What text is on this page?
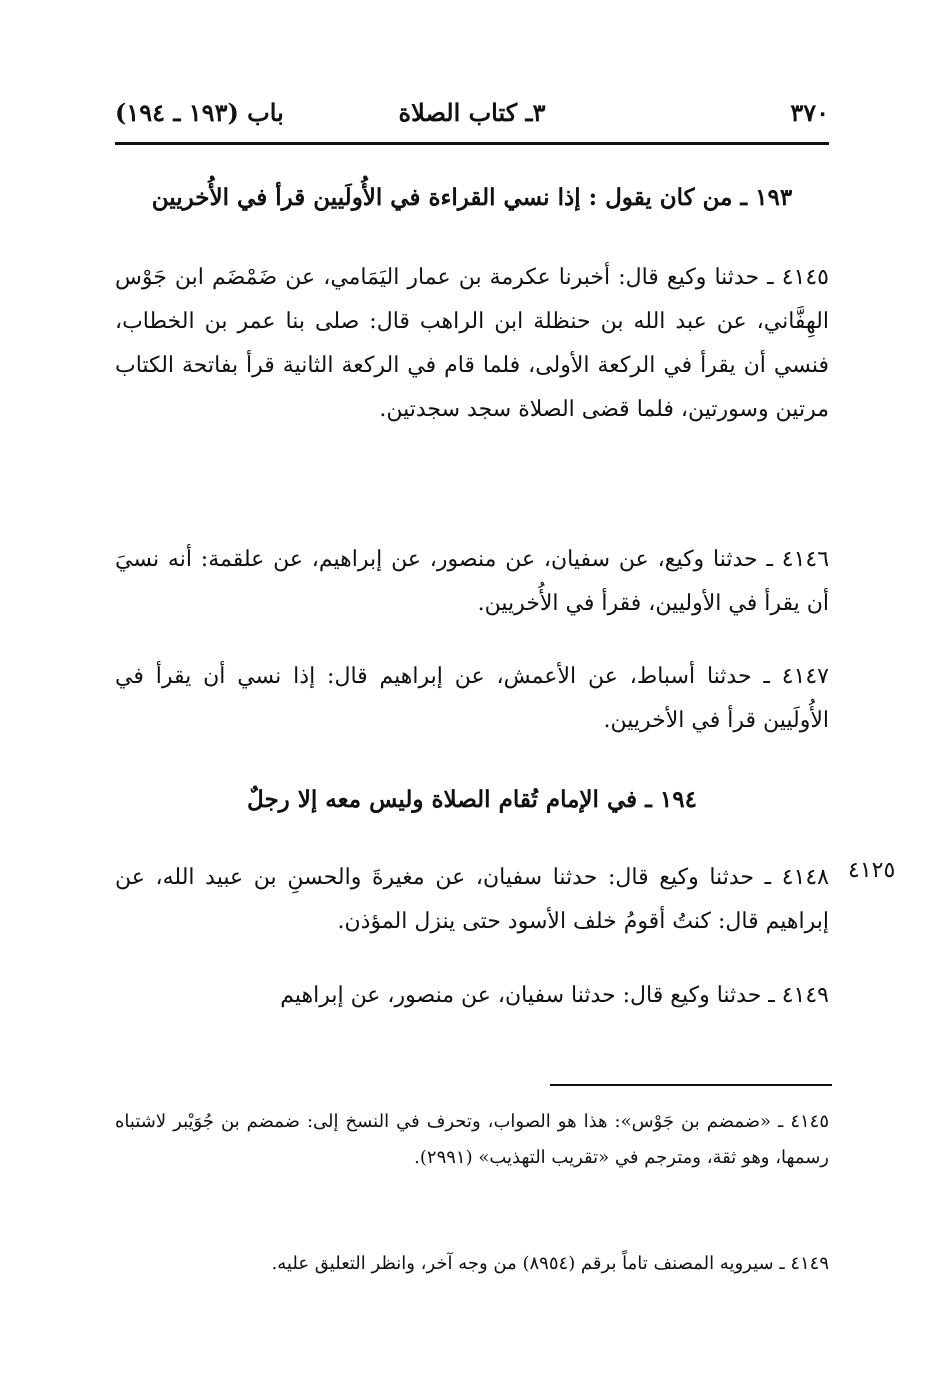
٣٧٠
٣ـ كتاب الصلاة
باب (١٩٣ ـ ١٩٤)
١٩٣ ـ من كان يقول : إذا نسي القراءة في الأُولَيين قرأ في الأُخريين
٤١٤٥ ـ حدثنا وكيع قال: أخبرنا عكرمة بن عمار اليَمَامي، عن ضَمْضَم ابن جَوْس الهِفَّاني، عن عبد الله بن حنظلة ابن الراهب قال: صلى بنا عمر بن الخطاب، فنسي أن يقرأ في الركعة الأولى، فلما قام في الركعة الثانية قرأ بفاتحة الكتاب مرتين وسورتين، فلما قضى الصلاة سجد سجدتين.
٤١٤٦ ـ حدثنا وكيع، عن سفيان، عن منصور، عن إبراهيم، عن علقمة: أنه نسيَ أن يقرأ في الأوليين، فقرأ في الأُخريين.
٤١٤٧ ـ حدثنا أسباط، عن الأعمش، عن إبراهيم قال: إذا نسي أن يقرأ في الأُولَيين قرأ في الأخريين.
١٩٤ ـ في الإمام تُقام الصلاة وليس معه إلا رجلٌ
٤١٢٥
٤١٤٨ ـ حدثنا وكيع قال: حدثنا سفيان، عن مغيرةَ والحسنِ بن عبيد الله، عن إبراهيم قال: كنتُ أقومُ خلف الأسود حتى ينزل المؤذن.
٤١٤٩ ـ حدثنا وكيع قال: حدثنا سفيان، عن منصور، عن إبراهيم
٤١٤٥ ـ «ضمضم بن جَوْس»: هذا هو الصواب، وتحرف في النسخ إلى: ضمضم بن جُوَيْبر لاشتباه رسمها، وهو ثقة، ومترجم في «تقريب التهذيب» (٢٩٩١).
٤١٤٩ ـ سيرويه المصنف تاماً برقم (٨٩٥٤) من وجه آخر، وانظر التعليق عليه.
